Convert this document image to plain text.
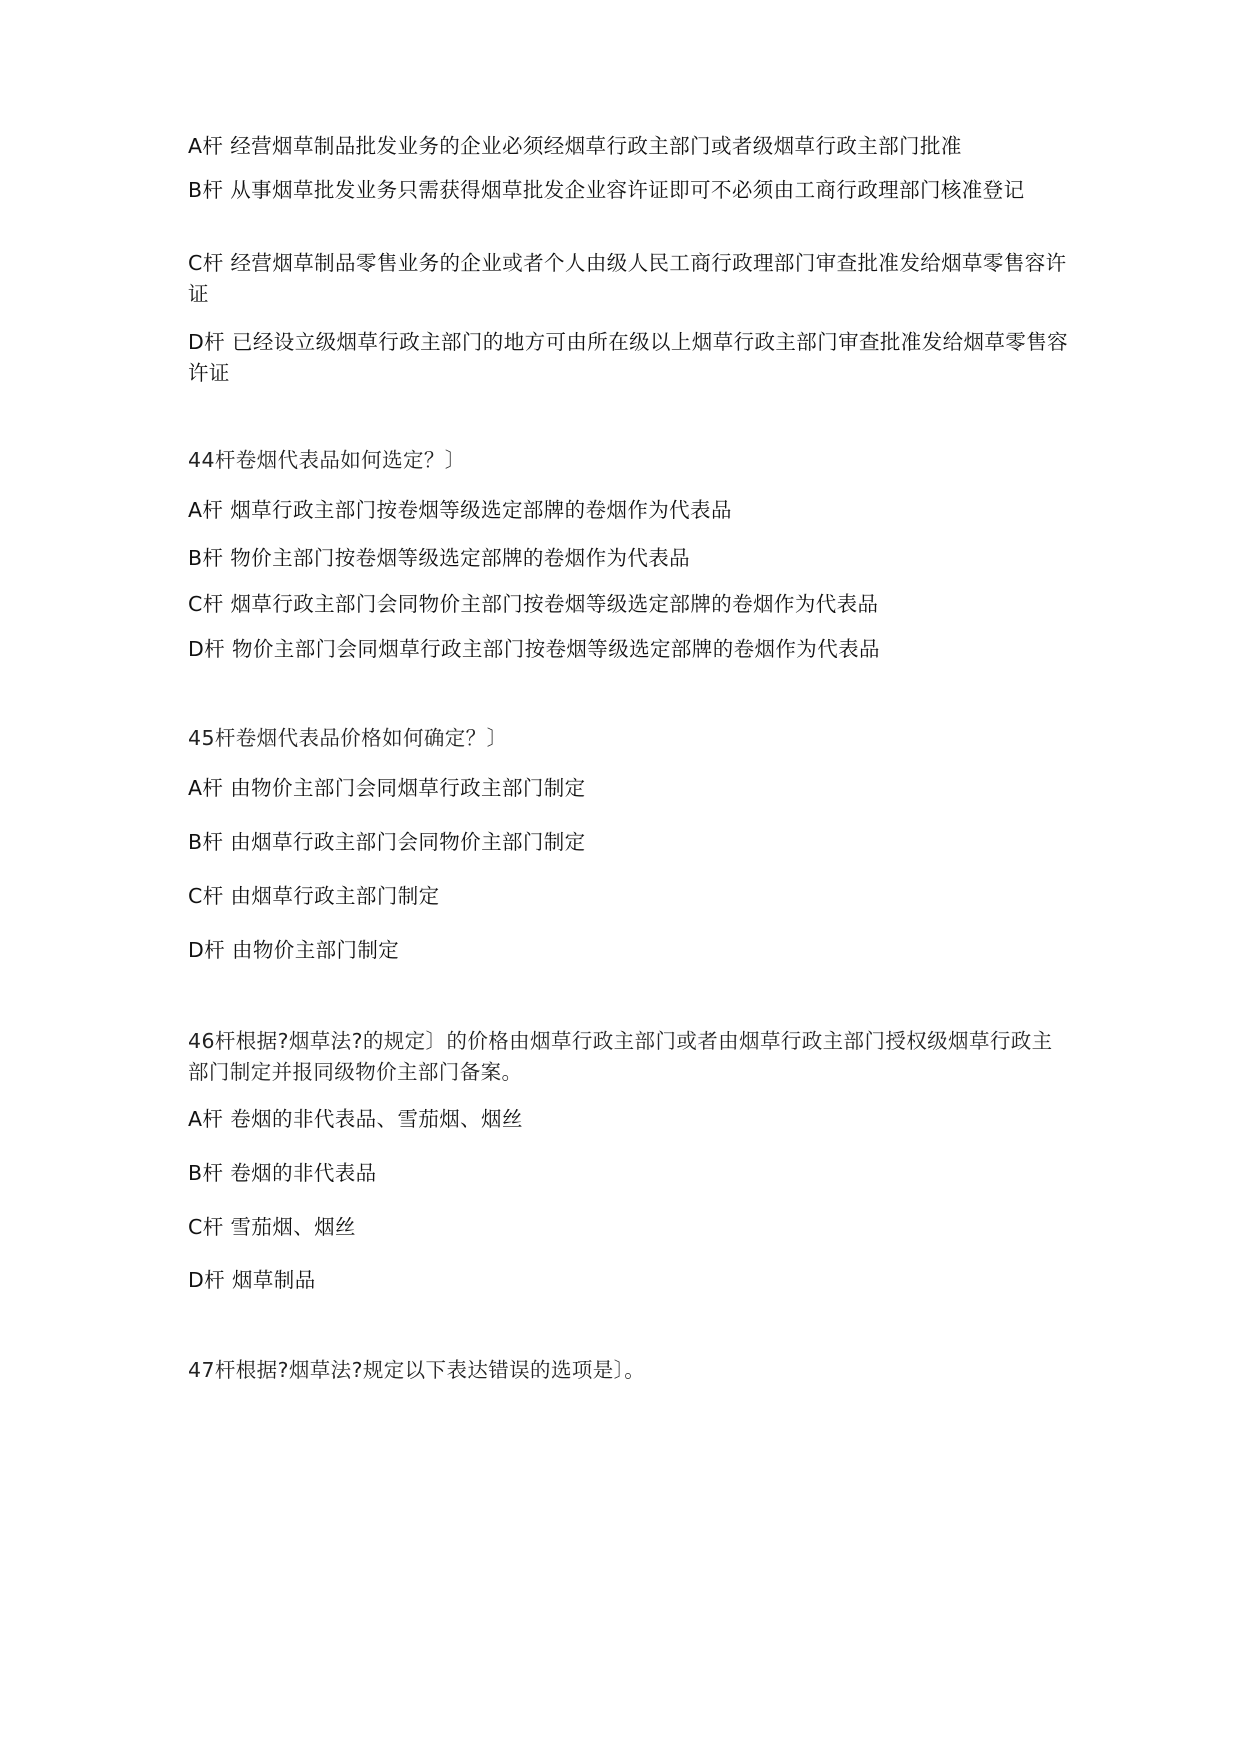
A杆 经营烟草制品批发业务的企业必须经烟草行政主部门或者级烟草行政主部门批准
B杆 从事烟草批发业务只需获得烟草批发企业容许证即可不必须由工商行政理部门核准登记
C杆 经营烟草制品零售业务的企业或者个人由级人民工商行政理部门审查批准发给烟草零售容许证
D杆 已经设立级烟草行政主部门的地方可由所在级以上烟草行政主部门审查批准发给烟草零售容许证
44杆卷烟代表品如何选定？〕
A杆 烟草行政主部门按卷烟等级选定部牌的卷烟作为代表品
B杆 物价主部门按卷烟等级选定部牌的卷烟作为代表品
C杆 烟草行政主部门会同物价主部门按卷烟等级选定部牌的卷烟作为代表品
D杆 物价主部门会同烟草行政主部门按卷烟等级选定部牌的卷烟作为代表品
45杆卷烟代表品价格如何确定？〕
A杆 由物价主部门会同烟草行政主部门制定
B杆 由烟草行政主部门会同物价主部门制定
C杆 由烟草行政主部门制定
D杆 由物价主部门制定
46杆根据?烟草法?的规定〕的价格由烟草行政主部门或者由烟草行政主部门授权级烟草行政主部门制定并报同级物价主部门备案。
A杆 卷烟的非代表品、雪茄烟、烟丝
B杆 卷烟的非代表品
C杆 雪茄烟、烟丝
D杆 烟草制品
47杆根据?烟草法?规定以下表达错误的选项是〕。
